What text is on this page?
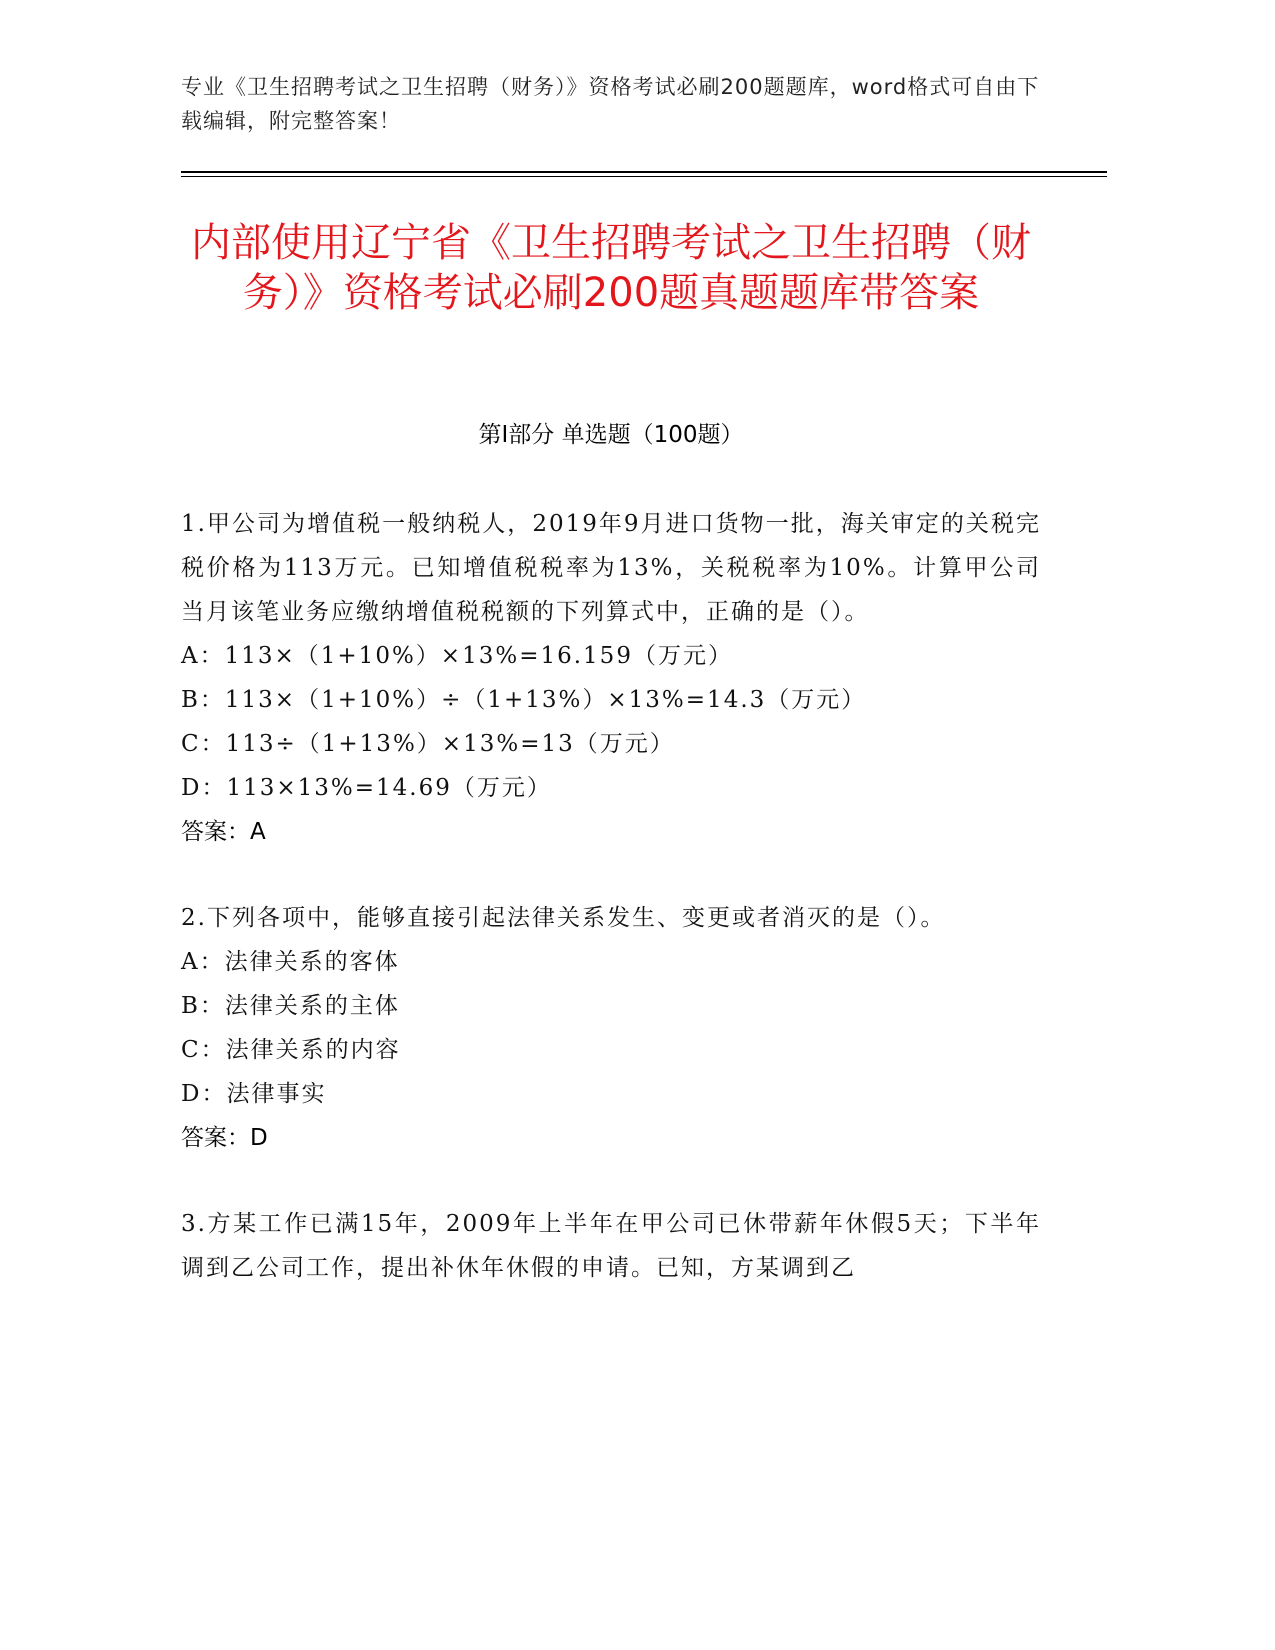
专业《卫生招聘考试之卫生招聘（财务）》资格考试必刷200题题库，word格式可自由下载编辑，附完整答案！
内部使用辽宁省《卫生招聘考试之卫生招聘（财务）》资格考试必刷200题真题题库带答案
第Ⅰ部分 单选题（100题）

1.甲公司为增值税一般纳税人，2019年9月进口货物一批，海关审定的关税完税价格为113万元。已知增值税税率为13%，关税税率为10%。计算甲公司当月该笔业务应缴纳增值税税额的下列算式中，正确的是（）。

A：113×（1+10%）×13%=16.159（万元）

B：113×（1+10%）÷（1+13%）×13%=14.3（万元）

C：113÷（1+13%）×13%=13（万元）

D：113×13%=14.69（万元）

答案：A

2.下列各项中，能够直接引起法律关系发生、变更或者消灭的是（）。

A：法律关系的客体

B：法律关系的主体

C：法律关系的内容

D：法律事实

答案：D

3.方某工作已满15年，2009年上半年在甲公司已休带薪年休假5天；下半年调到乙公司工作，提出补休年休假的申请。已知，方某调到乙
